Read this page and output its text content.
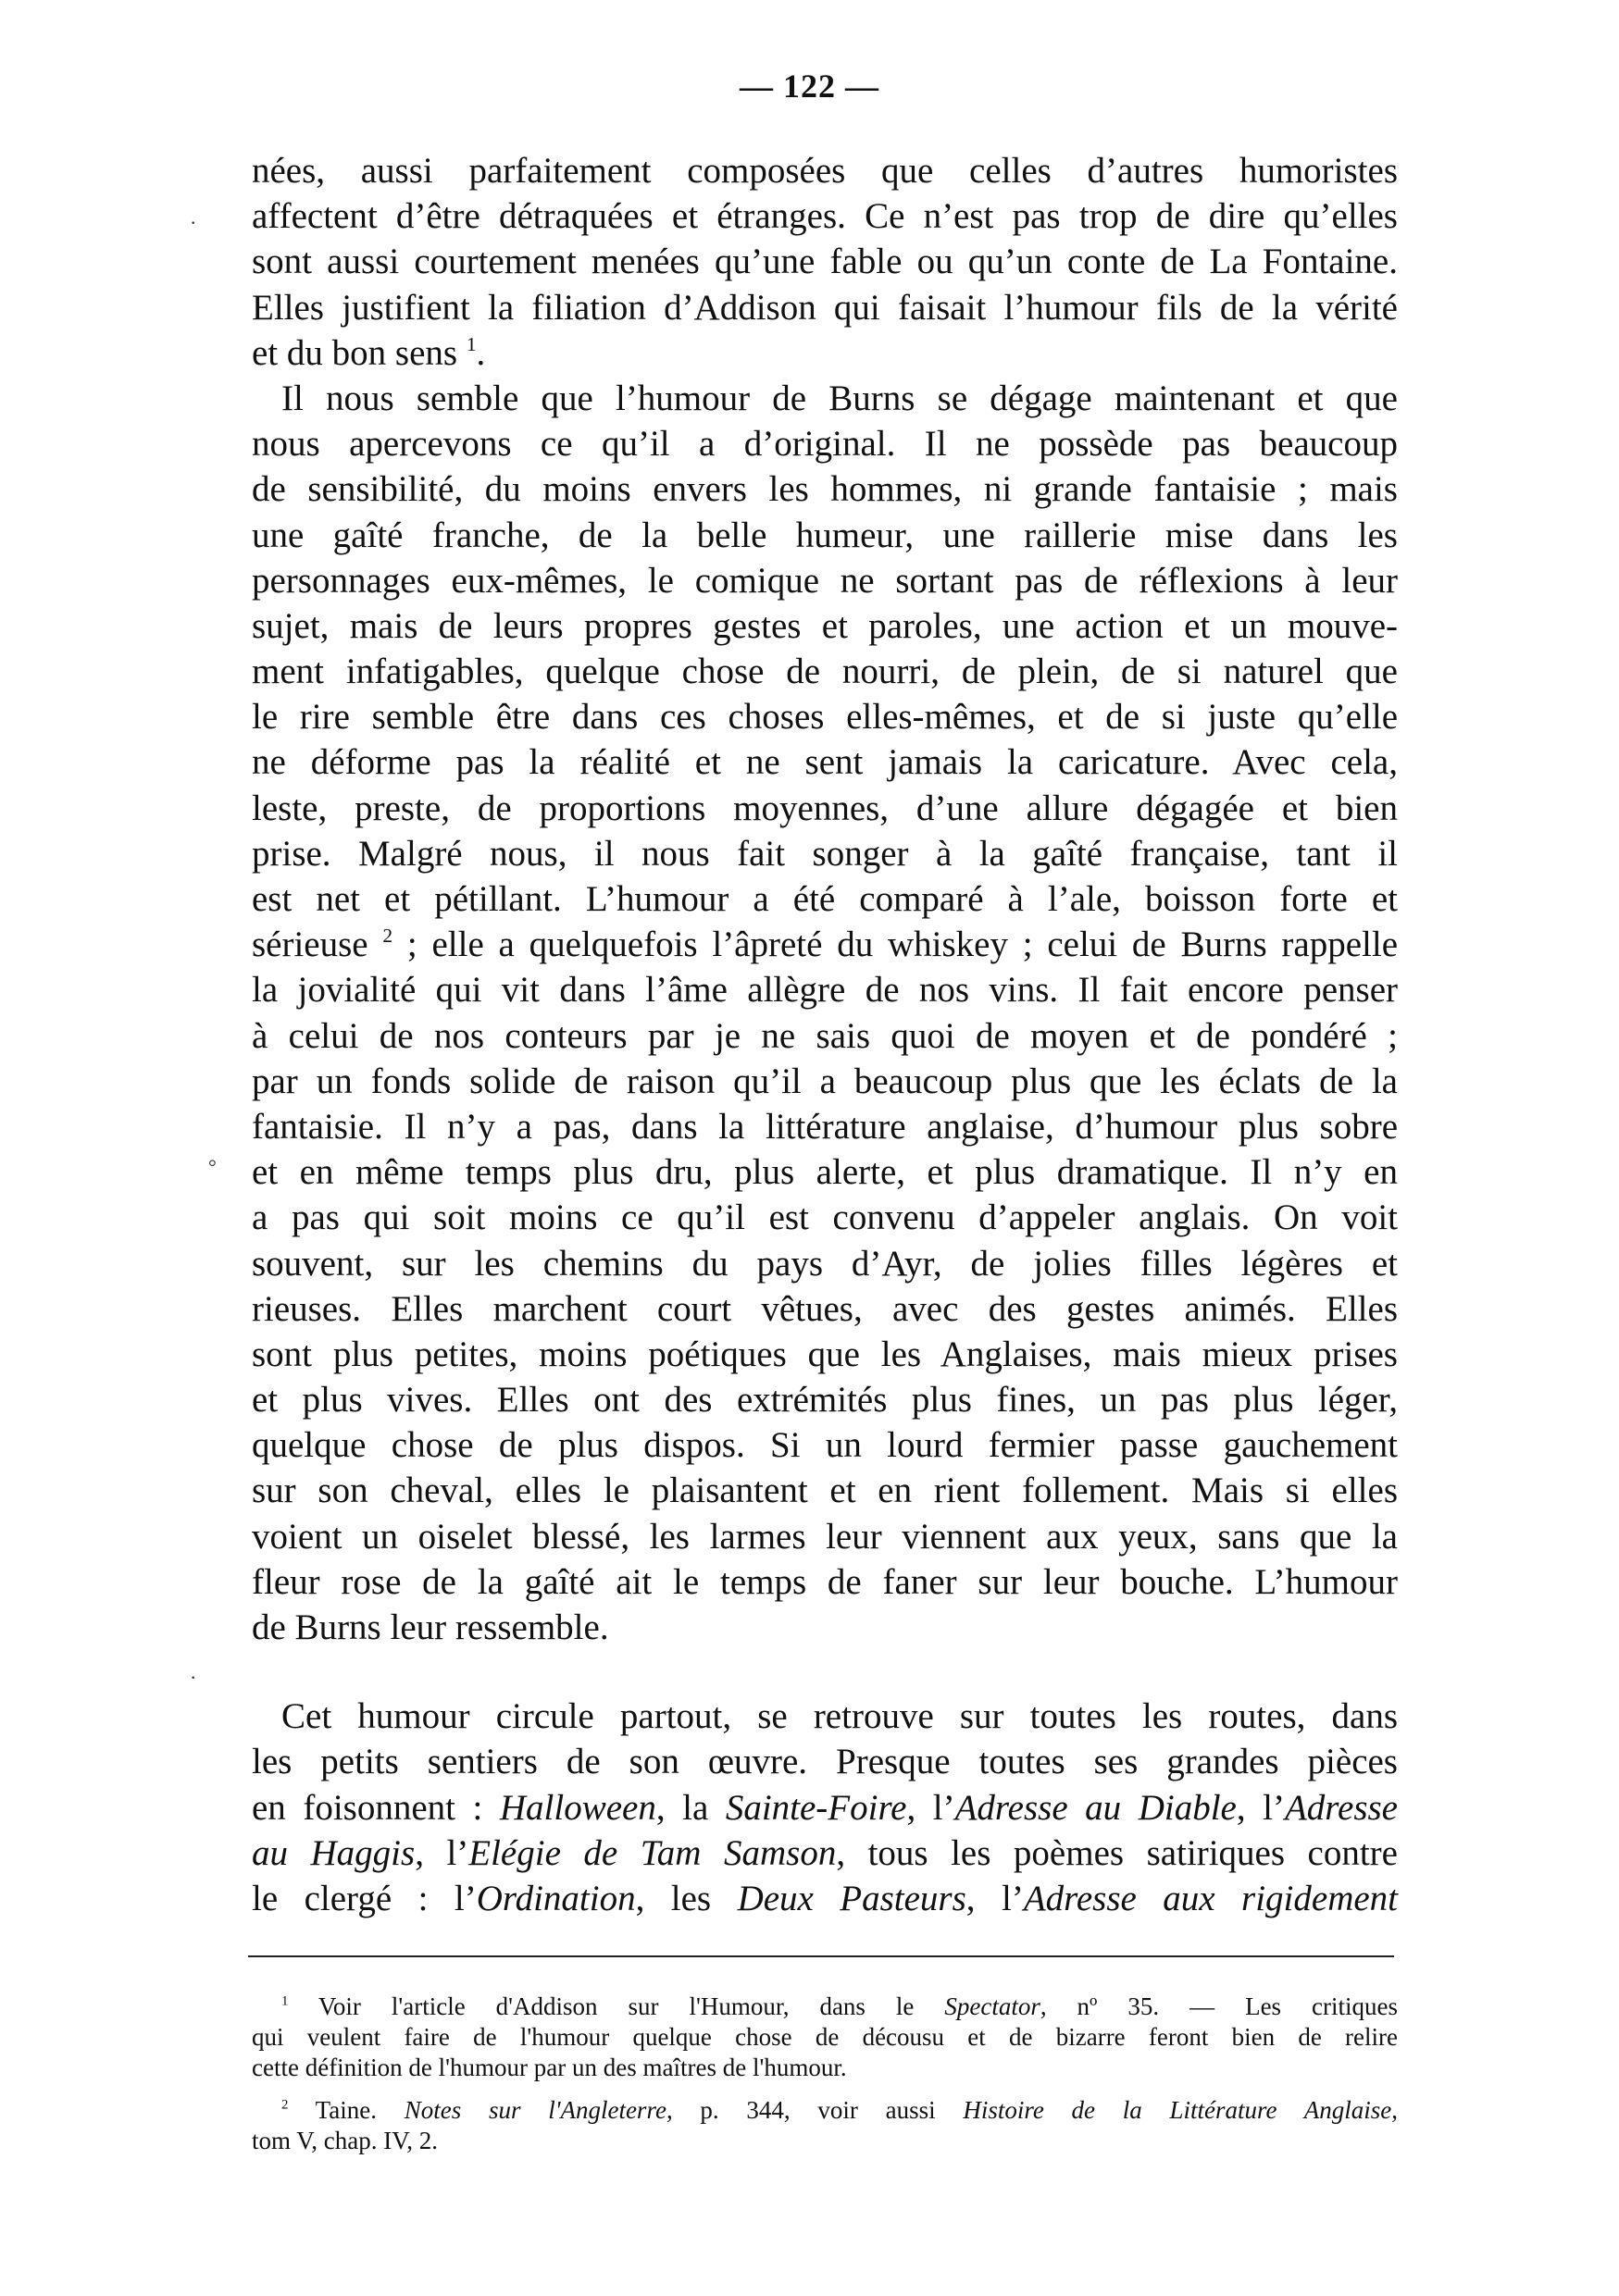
— 122 —
·
°
·
nées, aussi parfaitement composées que celles d’autres humoristes
affectent d’être détraquées et étranges. Ce n’est pas trop de dire qu’elles
sont aussi courtement menées qu’une fable ou qu’un conte de La Fontaine.
Elles justifient la filiation d’Addison qui faisait l’humour fils de la vérité
et du bon sens $^1$.
Il nous semble que l’humour de Burns se dégage maintenant et que
nous apercevons ce qu’il a d’original. Il ne possède pas beaucoup
de sensibilité, du moins envers les hommes, ni grande fantaisie ; mais
une gaîté franche, de la belle humeur, une raillerie mise dans les
personnages eux-mêmes, le comique ne sortant pas de réflexions à leur
sujet, mais de leurs propres gestes et paroles, une action et un mouve-
ment infatigables, quelque chose de nourri, de plein, de si naturel que
le rire semble être dans ces choses elles-mêmes, et de si juste qu’elle
ne déforme pas la réalité et ne sent jamais la caricature. Avec cela,
leste, preste, de proportions moyennes, d’une allure dégagée et bien
prise. Malgré nous, il nous fait songer à la gaîté française, tant il
est net et pétillant. L’humour a été comparé à l’ale, boisson forte et
sérieuse $^2$ ; elle a quelquefois l’âpreté du whiskey ; celui de Burns rappelle
la jovialité qui vit dans l’âme allègre de nos vins. Il fait encore penser
à celui de nos conteurs par je ne sais quoi de moyen et de pondéré ;
par un fonds solide de raison qu’il a beaucoup plus que les éclats de la
fantaisie. Il n’y a pas, dans la littérature anglaise, d’humour plus sobre
et en même temps plus dru, plus alerte, et plus dramatique. Il n’y en
a pas qui soit moins ce qu’il est convenu d’appeler anglais. On voit
souvent, sur les chemins du pays d’Ayr, de jolies filles légères et
rieuses. Elles marchent court vêtues, avec des gestes animés. Elles
sont plus petites, moins poétiques que les Anglaises, mais mieux prises
et plus vives. Elles ont des extrémités plus fines, un pas plus léger,
quelque chose de plus dispos. Si un lourd fermier passe gauchement
sur son cheval, elles le plaisantent et en rient follement. Mais si elles
voient un oiselet blessé, les larmes leur viennent aux yeux, sans que la
fleur rose de la gaîté ait le temps de faner sur leur bouche. L’humour
de Burns leur ressemble.
Cet humour circule partout, se retrouve sur toutes les routes, dans
les petits sentiers de son œuvre. Presque toutes ses grandes pièces
en foisonnent : Halloween, la Sainte-Foire, l’Adresse au Diable, l’Adresse
au Haggis, l’Elégie de Tam Samson, tous les poèmes satiriques contre
le clergé : l’Ordination, les Deux Pasteurs, l’Adresse aux rigidement
$^1$ Voir l'article d'Addison sur l'Humour, dans le Spectator, nº 35. — Les critiques
qui veulent faire de l'humour quelque chose de décousu et de bizarre feront bien de relire
cette définition de l'humour par un des maîtres de l'humour.
$^2$ Taine. Notes sur l'Angleterre, p. 344, voir aussi Histoire de la Littérature Anglaise,
tom V, chap. IV, 2.
